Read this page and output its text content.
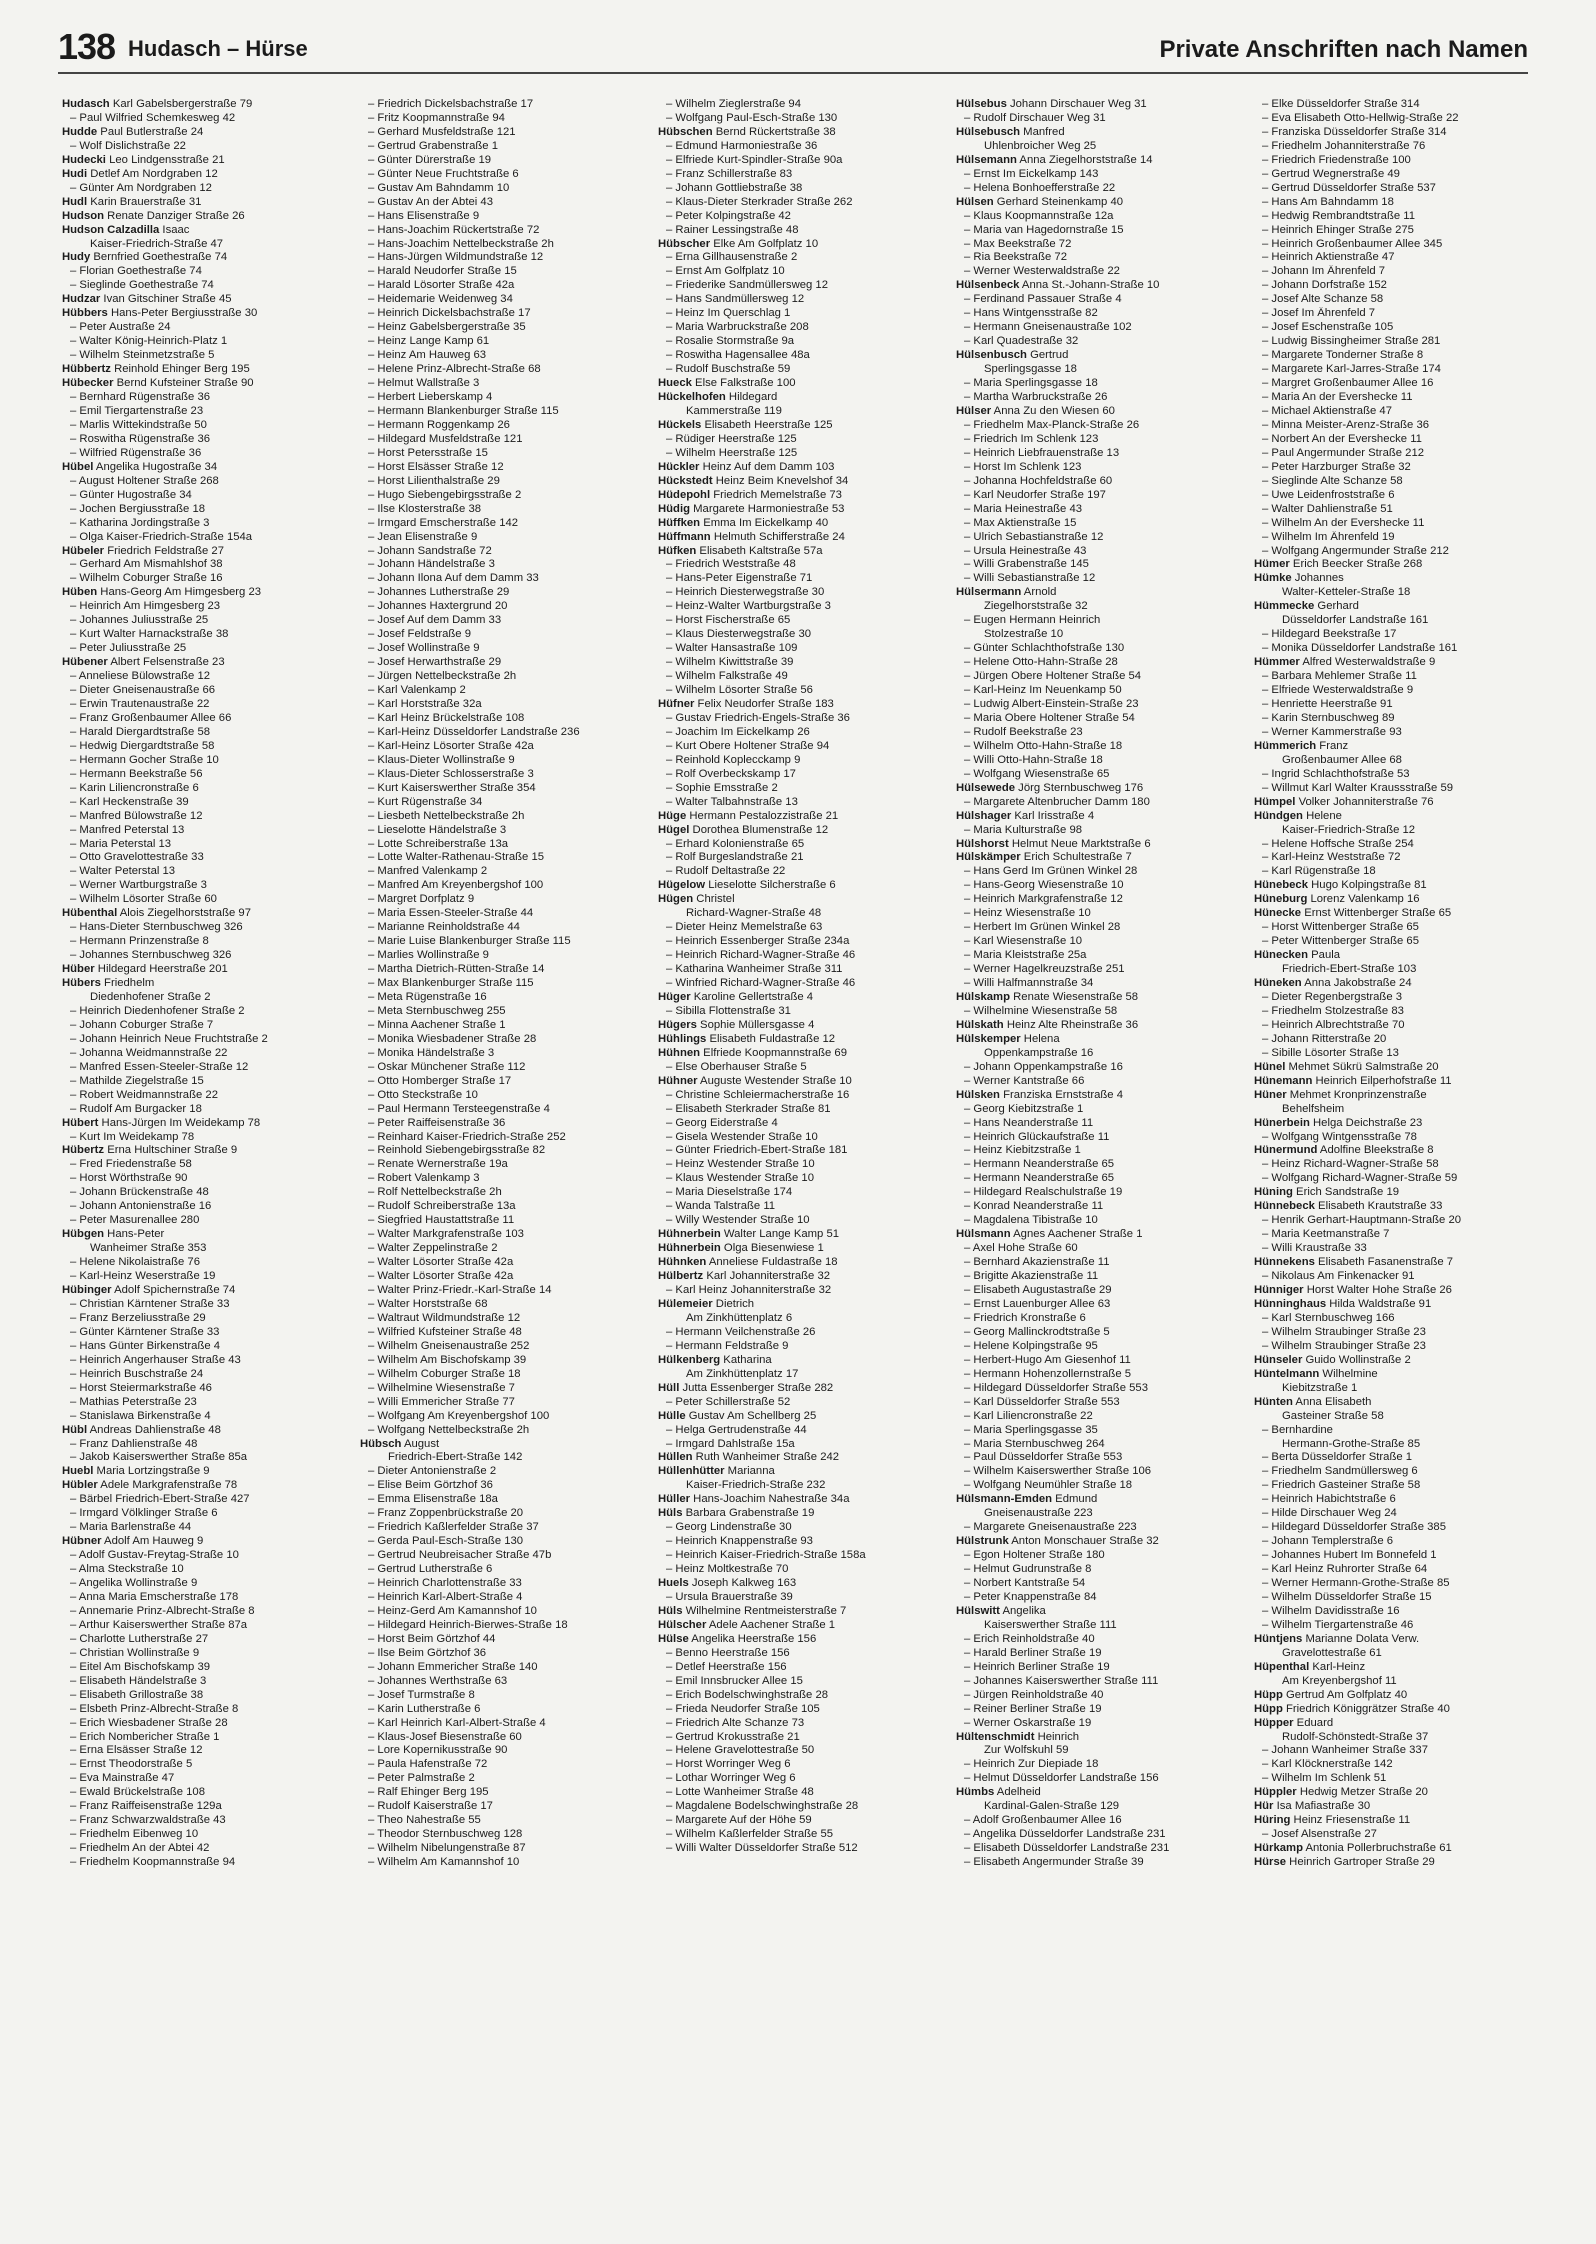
138 Hudasch – Hürse	Private Anschriften nach Namen
Hudasch Karl Gabelsbergerstraße 79
– Paul Wilfried Schemkesweg 42
Hudde Paul Butlerstraße 24
– Wolf Dislichstraße 22
Hudecki Leo Lindgensstraße 21
Hudi Detlef Am Nordgraben 12
– Günter Am Nordgraben 12
Hudl Karin Brauerstraße 31
Hudson Renate Danziger Straße 26
Hudson Calzadilla Isaac
Kaiser-Friedrich-Straße 47
Hudy Bernfried Goethestraße 74
– Florian Goethestraße 74
– Sieglinde Goethestraße 74
Hudzar Ivan Gitschiner Straße 45
Hübbers Hans-Peter Bergiusstraße 30
– Peter Austraße 24
– Walter König-Heinrich-Platz 1
– Wilhelm Steinmetzstraße 5
Hübbertz Reinhold Ehinger Berg 195
Hübecker Bernd Kufsteiner Straße 90
– Bernhard Rügenstraße 36
– Emil Tiergartenstraße 23
– Marlis Wittekindstraße 50
– Roswitha Rügenstraße 36
– Wilfried Rügenstraße 36
Hübel Angelika Hugostraße 34
– August Holtener Straße 268
– Günter Hugostraße 34
– Jochen Bergiusstraße 18
– Katharina Jordingstraße 3
– Olga Kaiser-Friedrich-Straße 154a
Hübeler Friedrich Feldstraße 27
– Gerhard Am Mismahlshof 38
– Wilhelm Coburger Straße 16
Hüben Hans-Georg Am Himgesberg 23
– Heinrich Am Himgesberg 23
– Johannes Juliusstraße 25
– Kurt Walter Harnackstraße 38
– Peter Juliusstraße 25
Hübener Albert Felsenstraße 23
– Anneliese Bülowstraße 12
– Dieter Gneisenaustraße 66
– Erwin Trautenaustraße 22
– Franz Großenbaumer Allee 66
– Harald Diergardtstraße 58
– Hedwig Diergardtstraße 58
– Hermann Gocher Straße 10
– Hermann Beekstraße 56
– Karin Liliencronstraße 6
– Karl Heckenstraße 39
– Manfred Bülowstraße 12
– Manfred Peterstal 13
– Maria Peterstal 13
– Otto Gravelottestraße 33
– Walter Peterstal 13
– Werner Wartburgstraße 3
– Wilhelm Lösorter Straße 60
Hübenthal Alois Ziegelhorststraße 97
– Hans-Dieter Sternbuschweg 326
– Hermann Prinzenstraße 8
– Johannes Sternbuschweg 326
Hüber Hildegard Heerstraße 201
Hübers Friedhelm
Diedenhofener Straße 2
– Heinrich Diedenhofener Straße 2
– Johann Coburger Straße 7
– Johann Heinrich Neue Fruchtstraße 2
– Johanna Weidmannstraße 22
– Manfred Essen-Steeler-Straße 12
– Mathilde Ziegelstraße 15
– Robert Weidmannstraße 22
– Rudolf Am Burgacker 18
Hübert Hans-Jürgen Im Weidekamp 78
– Kurt Im Weidekamp 78
Hübertz Erna Hultschiner Straße 9
– Fred Friedenstraße 58
– Horst Wörthstraße 90
– Johann Brückenstraße 48
– Johann Antonienstraße 16
– Peter Masurenallee 280
Hübgen Hans-Peter
Wanheimer Straße 353
– Helene Nikolaistraße 76
– Karl-Heinz Weserstraße 19
Hübinger Adolf Spichernstraße 74
– Christian Kärntener Straße 33
– Franz Berzeliusstraße 29
– Günter Kärntener Straße 33
– Hans Günter Birkenstraße 4
– Heinrich Angerhauser Straße 43
– Heinrich Buschstraße 24
– Horst Steiermarkstraße 46
– Mathias Peterstraße 23
– Stanislawa Birkenstraße 4
Hübl Andreas Dahlienstraße 48
– Franz Dahlienstraße 48
– Jakob Kaiserswerther Straße 85a
Huebl Maria Lortzingstraße 9
Hübler Adele Markgrafenstraße 78
– Bärbel Friedrich-Ebert-Straße 427
– Irmgard Völklinger Straße 6
– Maria Barlenstraße 44
Hübner Adolf Am Hauweg 9
– Adolf Gustav-Freytag-Straße 10
– Alma Steckstraße 10
– Angelika Wollinstraße 9
– Anna Maria Emscherstraße 178
– Annemarie Prinz-Albrecht-Straße 8
– Arthur Kaiserswerther Straße 87a
– Charlotte Lutherstraße 27
– Christian Wollinstraße 9
– Eitel Am Bischofskamp 39
– Elisabeth Händelstraße 3
– Elisabeth Grillostraße 38
– Elsbeth Prinz-Albrecht-Straße 8
– Erich Wiesbadener Straße 28
– Erich Nombericher Straße 1
– Erna Elsässer Straße 12
– Ernst Theodorstraße 5
– Eva Mainstraße 47
– Ewald Brückelstraße 108
– Franz Raiffeisenstraße 129a
– Franz Schwarzwaldstraße 43
– Friedhelm Eibenweg 10
– Friedhelm An der Abtei 42
– Friedhelm Koopmannstraße 94
– Friedrich Dickelsbachstraße 17
– Fritz Koopmannstraße 94
– Gerhard Musfeldstraße 121
– Gertrud Grabenstraße 1
– Günter Dürerstraße 19
– Günter Neue Fruchtstraße 6
– Gustav Am Bahndamm 10
– Gustav An der Abtei 43
– Hans Elisenstraße 9
– Hans-Joachim Rückertstraße 72
– Hans-Joachim Nettelbeckstraße 2h
– Hans-Jürgen Wildmundstraße 12
– Harald Neudorfer Straße 15
– Harald Lösorter Straße 42a
– Heidemarie Weidenweg 34
– Heinrich Dickelsbachstraße 17
– Heinz Gabelsbergerstraße 35
– Heinz Lange Kamp 61
– Heinz Am Hauweg 63
– Helene Prinz-Albrecht-Straße 68
– Helmut Wallstraße 3
– Herbert Lieberskamp 4
– Hermann Blankenburger Straße 115
– Hermann Roggenkamp 26
– Hildegard Musfeldstraße 121
– Horst Petersstraße 15
– Horst Elsässer Straße 12
– Horst Lilienthalstraße 29
– Hugo Siebengebirgsstraße 2
– Ilse Klosterstraße 38
– Irmgard Emscherstraße 142
– Jean Elisenstraße 9
– Johann Sandstraße 72
– Johann Händelstraße 3
– Johann Ilona Auf dem Damm 33
– Johannes Lutherstraße 29
– Johannes Haxtergrund 20
– Josef Auf dem Damm 33
– Josef Feldstraße 9
– Josef Wollinstraße 9
– Josef Herwarthstraße 29
– Jürgen Nettelbeckstraße 2h
– Karl Valenkamp 2
– Karl Horststraße 32a
– Karl Heinz Brückelstraße 108
– Karl-Heinz Düsseldorfer Landstraße 236
– Karl-Heinz Lösorter Straße 42a
– Klaus-Dieter Wollinstraße 9
– Klaus-Dieter Schlosserstraße 3
– Kurt Kaiserswerther Straße 354
– Kurt Rügenstraße 34
– Liesbeth Nettelbeckstraße 2h
– Lieselotte Händelstraße 3
– Lotte Schreiberstraße 13a
– Lotte Walter-Rathenau-Straße 15
– Manfred Valenkamp 2
– Manfred Am Kreyenbergshof 100
– Margret Dorfplatz 9
– Maria Essen-Steeler-Straße 44
– Marianne Reinholdstraße 44
– Marie Luise Blankenburger Straße 115
– Marlies Wollinstraße 9
– Martha Dietrich-Rütten-Straße 14
– Max Blankenburger Straße 115
– Meta Rügenstraße 16
– Meta Sternbuschweg 255
– Minna Aachener Straße 1
– Monika Wiesbadener Straße 28
– Monika Händelstraße 3
– Oskar Münchener Straße 112
– Otto Homberger Straße 17
– Otto Steckstraße 10
– Paul Hermann Tersteegenstraße 4
– Peter Raiffeisenstraße 36
– Reinhard Kaiser-Friedrich-Straße 252
– Reinhold Siebengebirgsstraße 82
– Renate Wernerstraße 19a
– Robert Valenkamp 3
– Rolf Nettelbeckstraße 2h
– Rudolf Schreiberstraße 13a
– Siegfried Haustattstraße 11
– Walter Markgrafenstraße 103
– Walter Zeppelinstraße 2
– Walter Lösorter Straße 42a
– Walter Lösorter Straße 42a
– Walter Prinz-Friedr.-Karl-Straße 14
– Walter Horststraße 68
– Waltraut Wildmundstraße 12
– Wilfried Kufsteiner Straße 48
– Wilhelm Gneisenaustraße 252
– Wilhelm Am Bischofskamp 39
– Wilhelm Coburger Straße 18
– Wilhelmine Wiesenstraße 7
– Willi Emmericher Straße 77
– Wolfgang Am Kreyenbergshof 100
– Wolfgang Nettelbeckstraße 2h
Hübsch August
Friedrich-Ebert-Straße 142
– Dieter Antonienstraße 2
– Elise Beim Görtzhof 36
– Emma Elisenstraße 18a
– Franz Zoppenbrückstraße 20
– Friedrich Kaßlerfelder Straße 37
– Gerda Paul-Esch-Straße 130
– Gertrud Neubreisacher Straße 47b
– Gertrud Lutherstraße 6
– Heinrich Charlottenstraße 33
– Heinrich Karl-Albert-Straße 4
– Heinz-Gerd Am Kamannshof 10
– Hildegard Heinrich-Bierwes-Straße 18
– Horst Beim Görtzhof 44
– Ilse Beim Görtzhof 36
– Johann Emmericher Straße 140
– Johannes Werthstraße 63
– Josef Turmstraße 8
– Karin Lutherstraße 6
– Karl Heinrich Karl-Albert-Straße 4
– Klaus-Josef Biesenstraße 60
– Lore Kopernikusstraße 90
– Paula Hafenstraße 72
– Peter Palmstraße 2
– Ralf Ehinger Berg 195
– Rudolf Kaiserstraße 17
– Theo Nahestraße 55
– Theodor Sternbuschweg 128
– Wilhelm Nibelungenstraße 87
– Wilhelm Am Kamannshof 10
– Wilhelm Zieglerstraße 94
– Wolfgang Paul-Esch-Straße 130
Hübschen Bernd Rückertstraße 38
– Edmund Harmoniestraße 36
– Elfriede Kurt-Spindler-Straße 90a
– Franz Schillerstraße 83
– Johann Gottliebstraße 38
– Klaus-Dieter Sterkrader Straße 262
– Peter Kolpingstraße 42
– Rainer Lessingstraße 48
Hübscher Elke Am Golfplatz 10
– Erna Gillhausenstraße 2
– Ernst Am Golfplatz 10
– Friederike Sandmüllersweg 12
– Hans Sandmüllersweg 12
– Heinz Im Querschlag 1
– Maria Warbruckstraße 208
– Rosalie Stormstraße 9a
– Roswitha Hagensallee 48a
– Rudolf Buschstraße 59
Hueck Else Falkstraße 100
Hückelhofen Hildegard
Kammerstraße 119
Hückels Elisabeth Heerstraße 125
– Rüdiger Heerstraße 125
– Wilhelm Heerstraße 125
Hückler Heinz Auf dem Damm 103
Hückstedt Heinz Beim Knevelshof 34
Hüdepohl Friedrich Memelstraße 73
Hüdig Margarete Harmoniestraße 53
Hüffken Emma Im Eickelkamp 40
Hüffmann Helmuth Schifferstraße 24
Hüfken Elisabeth Kaltstraße 57a
– Friedrich Weststraße 48
– Hans-Peter Eigenstraße 71
– Heinrich Diesterwegstraße 30
– Heinz-Walter Wartburgstraße 3
– Horst Fischerstraße 65
– Klaus Diesterwegstraße 30
– Walter Hansastraße 109
– Wilhelm Kiwittstraße 39
– Wilhelm Falkstraße 49
– Wilhelm Lösorter Straße 56
Hüfner Felix Neudorfer Straße 183
– Gustav Friedrich-Engels-Straße 36
– Joachim Im Eickelkamp 26
– Kurt Obere Holtener Straße 94
– Reinhold Koplecckamp 9
– Rolf Overbeckskamp 17
– Sophie Emsstraße 2
– Walter Talbahnstraße 13
Hüge Hermann Pestalozzistraße 21
Hügel Dorothea Blumenstraße 12
– Erhard Kolonienstraße 65
– Rolf Burgeslandstraße 21
– Rudolf Deltastraße 22
Hügelow Lieselotte Silcherstraße 6
Hügen Christel
Richard-Wagner-Straße 48
– Dieter Heinz Memelstraße 63
– Heinrich Essenberger Straße 234a
– Heinrich Richard-Wagner-Straße 46
– Katharina Wanheimer Straße 311
– Winfried Richard-Wagner-Straße 46
Hüger Karoline Gellertstraße 4
– Sibilla Flottenstraße 31
Hügers Sophie Müllersgasse 4
Hühlings Elisabeth Fuldastraße 12
Hühnen Elfriede Koopmannstraße 69
– Else Oberhauser Straße 5
Hühner Auguste Westender Straße 10
– Christine Schleiermacherstraße 16
– Elisabeth Sterkrader Straße 81
– Georg Eiderstraße 4
– Gisela Westender Straße 10
– Günter Friedrich-Ebert-Straße 181
– Heinz Westender Straße 10
– Klaus Westender Straße 10
– Maria Dieselstraße 174
– Wanda Talstraße 11
– Willy Westender Straße 10
Hühnerbein Walter Lange Kamp 51
Hühnerbein Olga Biesenwiese 1
Hühnken Anneliese Fuldastraße 18
Hülbertz Karl Johanniterstraße 32
– Karl Heinz Johanniterstraße 32
Hülemeier Dietrich
Am Zinkhüttenplatz 6
– Hermann Veilchenstraße 26
– Hermann Feldstraße 9
Hülkenberg Katharina
Am Zinkhüttenplatz 17
Hüll Jutta Essenberger Straße 282
– Peter Schillerstraße 52
Hülle Gustav Am Schellberg 25
– Helga Gertrudenstraße 44
– Irmgard Dahlstraße 15a
Hüllen Ruth Wanheimer Straße 242
Hüllenhütter Marianna
Kaiser-Friedrich-Straße 232
Hüller Hans-Joachim Nahestraße 34a
Hüls Barbara Grabenstraße 19
– Georg Lindenstraße 30
– Heinrich Knappenstraße 93
– Heinrich Kaiser-Friedrich-Straße 158a
– Heinz Moltkestraße 70
Huels Joseph Kalkweg 163
– Ursula Brauerstraße 39
Hüls Wilhelmine Rentmeisterstraße 7
Hülscher Adele Aachener Straße 1
Hülse Angelika Heerstraße 156
– Benno Heerstraße 156
– Detlef Heerstraße 156
– Emil Innsbrucker Allee 15
– Erich Bodelschwinghstraße 28
– Frieda Neudorfer Straße 105
– Friedrich Alte Schanze 73
– Gertrud Krokusstraße 21
– Helene Gravelottestraße 50
– Horst Worringer Weg 6
– Lothar Worringer Weg 6
– Lotte Wanheimer Straße 48
– Magdalene Bodelschwinghstraße 28
– Margarete Auf der Höhe 59
– Wilhelm Kaßlerfelder Straße 55
– Willi Walter Düsseldorfer Straße 512
Hülsebus Johann Dirschauer Weg 31
– Rudolf Dirschauer Weg 31
Hülsebusch Manfred
Uhlenbroicher Weg 25
Hülsemann Anna Ziegelhorststraße 14
– Ernst Im Eickelkamp 143
– Helena Bonhoefferstraße 22
Hülsen Gerhard Steinenkamp 40
– Klaus Koopmannstraße 12a
– Maria van Hagedornstraße 15
– Max Beekstraße 72
– Ria Beekstraße 72
– Werner Westerwaldstraße 22
Hülsenbeck Anna St.-Johann-Straße 10
– Ferdinand Passauer Straße 4
– Hans Wintgensstraße 82
– Hermann Gneisenaustraße 102
– Karl Quadestraße 32
Hülsenbusch Gertrud
Sperlingsgasse 18
– Maria Sperlingsgasse 18
– Martha Warbruckstraße 26
Hülser Anna Zu den Wiesen 60
– Friedhelm Max-Planck-Straße 26
– Friedrich Im Schlenk 123
– Heinrich Liebfrauenstraße 13
– Horst Im Schlenk 123
– Johanna Hochfeldstraße 60
– Karl Neudorfer Straße 197
– Maria Heinestraße 43
– Max Aktienstraße 15
– Ulrich Sebastianstraße 12
– Ursula Heinestraße 43
– Willi Grabenstraße 145
– Willi Sebastianstraße 12
Hülsermann Arnold
Ziegelhorststraße 32
– Eugen Hermann Heinrich
Stolzestraße 10
– Günter Schlachthofstraße 130
– Helene Otto-Hahn-Straße 28
– Jürgen Obere Holtener Straße 54
– Karl-Heinz Im Neuenkamp 50
– Ludwig Albert-Einstein-Straße 23
– Maria Obere Holtener Straße 54
– Rudolf Beekstraße 23
– Wilhelm Otto-Hahn-Straße 18
– Willi Otto-Hahn-Straße 18
– Wolfgang Wiesenstraße 65
Hülsewede Jörg Sternbuschweg 176
– Margarete Altenbrucher Damm 180
Hülshager Karl Irisstraße 4
– Maria Kulturstraße 98
Hülshorst Helmut Neue Marktstraße 6
Hülskämper Erich Schultestraße 7
– Hans Gerd Im Grünen Winkel 28
– Hans-Georg Wiesenstraße 10
– Heinrich Markgrafenstraße 12
– Heinz Wiesenstraße 10
– Herbert Im Grünen Winkel 28
– Karl Wiesenstraße 10
– Maria Kleiststraße 25a
– Werner Hagelkreuzstraße 251
– Willi Halfmannstraße 34
Hülskamp Renate Wiesenstraße 58
– Wilhelmine Wiesenstraße 58
Hülskath Heinz Alte Rheinstraße 36
Hülskemper Helena
Oppenkampstraße 16
– Johann Oppenkampstraße 16
– Werner Kantstraße 66
Hülsken Franziska Ernststraße 4
– Georg Kiebitzstraße 1
– Hans Neanderstraße 11
– Heinrich Glückaufstraße 11
– Heinz Kiebitzstraße 1
– Hermann Neanderstraße 65
– Hermann Neanderstraße 65
– Hildegard Realschulstraße 19
– Konrad Neanderstraße 11
– Magdalena Tibistraße 10
Hülsmann Agnes Aachener Straße 1
– Axel Hohe Straße 60
– Bernhard Akazienstraße 11
– Brigitte Akazienstraße 11
– Elisabeth Augustastraße 29
– Ernst Lauenburger Allee 63
– Friedrich Kronstraße 6
– Georg Mallinckrodtstraße 5
– Helene Kolpingstraße 95
– Herbert-Hugo Am Giesenhof 11
– Hermann Hohenzollernstraße 5
– Hildegard Düsseldorfer Straße 553
– Karl Düsseldorfer Straße 553
– Karl Liliencronstraße 22
– Maria Sperlingsgasse 35
– Maria Sternbuschweg 264
– Paul Düsseldorfer Straße 553
– Wilhelm Kaiserswerther Straße 106
– Wolfgang Neumühler Straße 18
Hülsmann-Emden Edmund
Gneisenaustraße 223
– Margarete Gneisenaustraße 223
Hülstrunk Anton Monschauer Straße 32
– Egon Holtener Straße 180
– Helmut Gudrunstraße 8
– Norbert Kantstraße 54
– Peter Knappenstraße 84
Hülswitt Angelika
Kaiserswerther Straße 111
– Erich Reinholdstraße 40
– Harald Berliner Straße 19
– Heinrich Berliner Straße 19
– Johannes Kaiserswerther Straße 111
– Jürgen Reinholdstraße 40
– Reiner Berliner Straße 19
– Werner Oskarstraße 19
Hültenschmidt Heinrich
Zur Wolfskuhl 59
– Heinrich Zur Diepiade 18
– Helmut Düsseldorfer Landstraße 156
Hümbs Adelheid
Kardinal-Galen-Straße 129
– Adolf Großenbaumer Allee 16
– Angelika Düsseldorfer Landstraße 231
– Elisabeth Düsseldorfer Landstraße 231
– Elisabeth Angermunder Straße 39
– Elke Düsseldorfer Straße 314
– Eva Elisabeth Otto-Hellwig-Straße 22
– Franziska Düsseldorfer Straße 314
– Friedhelm Johanniterstraße 76
– Friedrich Friedenstraße 100
– Gertrud Wegnerstraße 49
– Gertrud Düsseldorfer Straße 537
– Hans Am Bahndamm 18
– Hedwig Rembrandtstraße 11
– Heinrich Ehinger Straße 275
– Heinrich Großenbaumer Allee 345
– Heinrich Aktienstraße 47
– Johann Im Ährenfeld 7
– Johann Dorfstraße 152
– Josef Alte Schanze 58
– Josef Im Ährenfeld 7
– Josef Eschenstraße 105
– Ludwig Bissingheimer Straße 281
– Margarete Tonderner Straße 8
– Margarete Karl-Jarres-Straße 174
– Margret Großenbaumer Allee 16
– Maria An der Evershecke 11
– Michael Aktienstraße 47
– Minna Meister-Arenz-Straße 36
– Norbert An der Evershecke 11
– Paul Angermunder Straße 212
– Peter Harzburger Straße 32
– Sieglinde Alte Schanze 58
– Uwe Leidenfroststraße 6
– Walter Dahlienstraße 51
– Wilhelm An der Evershecke 11
– Wilhelm Im Ährenfeld 19
– Wolfgang Angermunder Straße 212
Hümer Erich Beecker Straße 268
Hümke Johannes
Walter-Ketteler-Straße 18
Hümmecke Gerhard
Düsseldorfer Landstraße 161
– Hildegard Beekstraße 17
– Monika Düsseldorfer Landstraße 161
Hümmer Alfred Westerwaldstraße 9
– Barbara Mehlemer Straße 11
– Elfriede Westerwaldstraße 9
– Henriette Heerstraße 91
– Karin Sternbuschweg 89
– Werner Kammerstraße 93
Hümmerich Franz
Großenbaumer Allee 68
– Ingrid Schlachthofstraße 53
– Willmut Karl Walter Kraussstraße 59
Hümpel Volker Johanniterstraße 76
Hündgen Helene
Kaiser-Friedrich-Straße 12
– Helene Hoffsche Straße 254
– Karl-Heinz Weststraße 72
– Karl Rügenstraße 18
Hünebeck Hugo Kolpingstraße 81
Hüneburg Lorenz Valenkamp 16
Hünecke Ernst Wittenberger Straße 65
– Horst Wittenberger Straße 65
– Peter Wittenberger Straße 65
Hünecken Paula
Friedrich-Ebert-Straße 103
Hüneken Anna Jakobstraße 24
– Dieter Regenbergstraße 3
– Friedhelm Stolzestraße 83
– Heinrich Albrechtstraße 70
– Johann Ritterstraße 20
– Sibille Lösorter Straße 13
Hünel Mehmet Sükrü Salmstraße 20
Hünemann Heinrich Eilperhofstraße 11
Hüner Mehmet Kronprinzenstraße
Behelfsheim
Hünerbein Helga Deichstraße 23
– Wolfgang Wintgensstraße 78
Hünermund Adolfine Bleekstraße 8
– Heinz Richard-Wagner-Straße 58
– Wolfgang Richard-Wagner-Straße 59
Hüning Erich Sandstraße 19
Hünnebeck Elisabeth Krautstraße 33
– Henrik Gerhart-Hauptmann-Straße 20
– Maria Keetmanstraße 7
– Willi Kraustraße 33
Hünnekens Elisabeth Fasanenstraße 7
– Nikolaus Am Finkenacker 91
Hünniger Horst Walter Hohe Straße 26
Hünninghaus Hilda Waldstraße 91
– Karl Sternbuschweg 166
– Wilhelm Straubinger Straße 23
– Wilhelm Straubinger Straße 23
Hünseler Guido Wollinstraße 2
Hüntelmann Wilhelmine
Kiebitzstraße 1
Hünten Anna Elisabeth
Gasteiner Straße 58
– Bernhardine
Hermann-Grothe-Straße 85
– Berta Düsseldorfer Straße 1
– Friedhelm Sandmüllersweg 6
– Friedrich Gasteiner Straße 58
– Heinrich Habichtstraße 6
– Hilde Dirschauer Weg 24
– Hildegard Düsseldorfer Straße 385
– Johann Templerstraße 6
– Johannes Hubert Im Bonnefeld 1
– Karl Heinz Ruhrorter Straße 64
– Werner Hermann-Grothe-Straße 85
– Wilhelm Düsseldorfer Straße 15
– Wilhelm Davidisstraße 16
– Wilhelm Tiergartenstraße 46
Hüntjens Marianne Dolata Verw.
Gravelottestraße 61
Hüpenthal Karl-Heinz
Am Kreyenbergshof 11
Hüpp Gertrud Am Golfplatz 40
Hüpp Friedrich Königgrätzer Straße 40
Hüpper Eduard
Rudolf-Schönstedt-Straße 37
– Johann Wanheimer Straße 337
– Karl Klöcknerstraße 142
– Wilhelm Im Schlenk 51
Hüppler Hedwig Metzer Straße 20
Hür Isa Mafiastraße 30
Hüring Heinz Friesenstraße 11
– Josef Alsenstraße 27
Hürkamp Antonia Pollerbruchstraße 61
Hürse Heinrich Gartroper Straße 29
